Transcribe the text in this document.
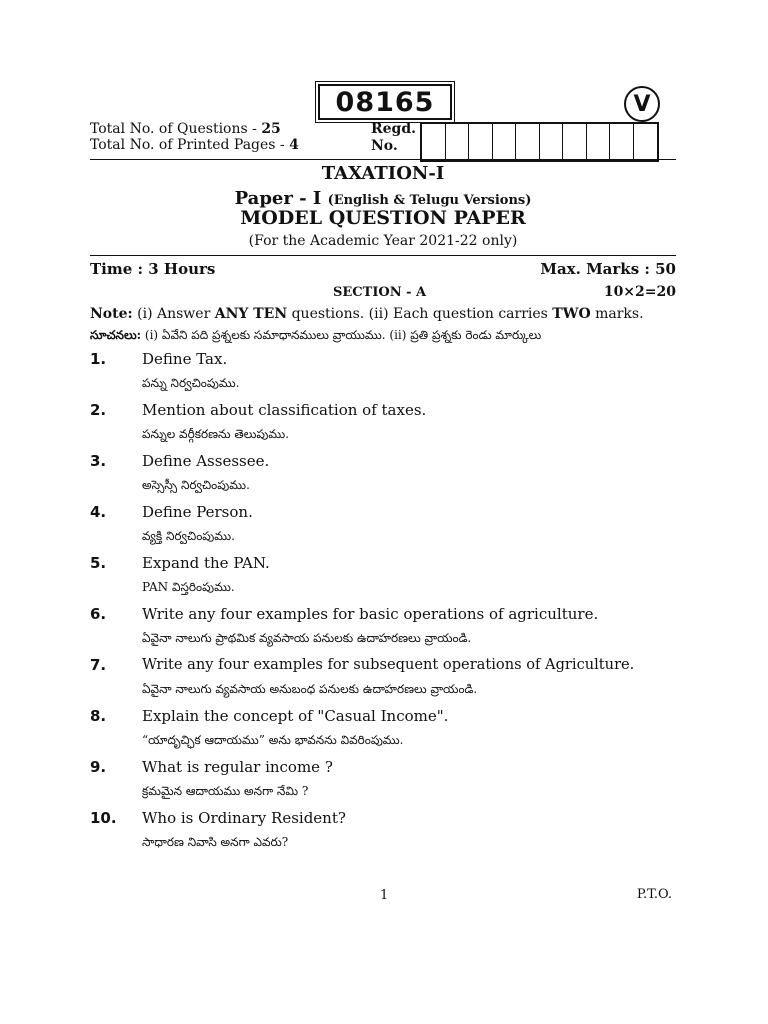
08165	V
Total No. of Questions - 25
Total No. of Printed Pages - 4
Regd.
No.
TAXATION-I
Paper - I (English & Telugu Versions)
MODEL QUESTION PAPER
(For the Academic Year 2021-22 only)
Time : 3 Hours	Max. Marks : 50
SECTION - A	10×2=20
Note: (i) Answer ANY TEN questions. (ii) Each question carries TWO marks.
సూచనలు: (i) ఏవేని పది ప్రశ్నలకు సమాధానములు వ్రాయుము. (ii) ప్రతి ప్రశ్నకు రెండు మార్కులు
1. Define Tax.
పన్ను నిర్వచింపుము.
2. Mention about classification of taxes.
పన్నుల వర్గీకరణను తెలుపుము.
3. Define Assessee.
అస్సెస్సీ నిర్వచింపుము.
4. Define Person.
వ్యక్తి నిర్వచింపుము.
5. Expand the PAN.
PAN విస్తరింపుము.
6. Write any four examples for basic operations of agriculture.
ఏవైనా నాలుగు ప్రాథమిక వ్యవసాయ పనులకు ఉదాహరణలు వ్రాయండి.
7. Write any four examples for subsequent operations of Agriculture.
ఏవైనా నాలుగు వ్యవసాయ అనుబంధ పనులకు ఉదాహరణలు వ్రాయండి.
8. Explain the concept of "Casual Income".
“యాదృచ్ఛిక ఆదాయము” అను భావనను వివరింపుము.
9. What is regular income ?
క్రమమైన ఆదాయము అనగా నేమి ?
10. Who is Ordinary Resident?
సాధారణ నివాసి అనగా ఎవరు?
1	P.T.O.
